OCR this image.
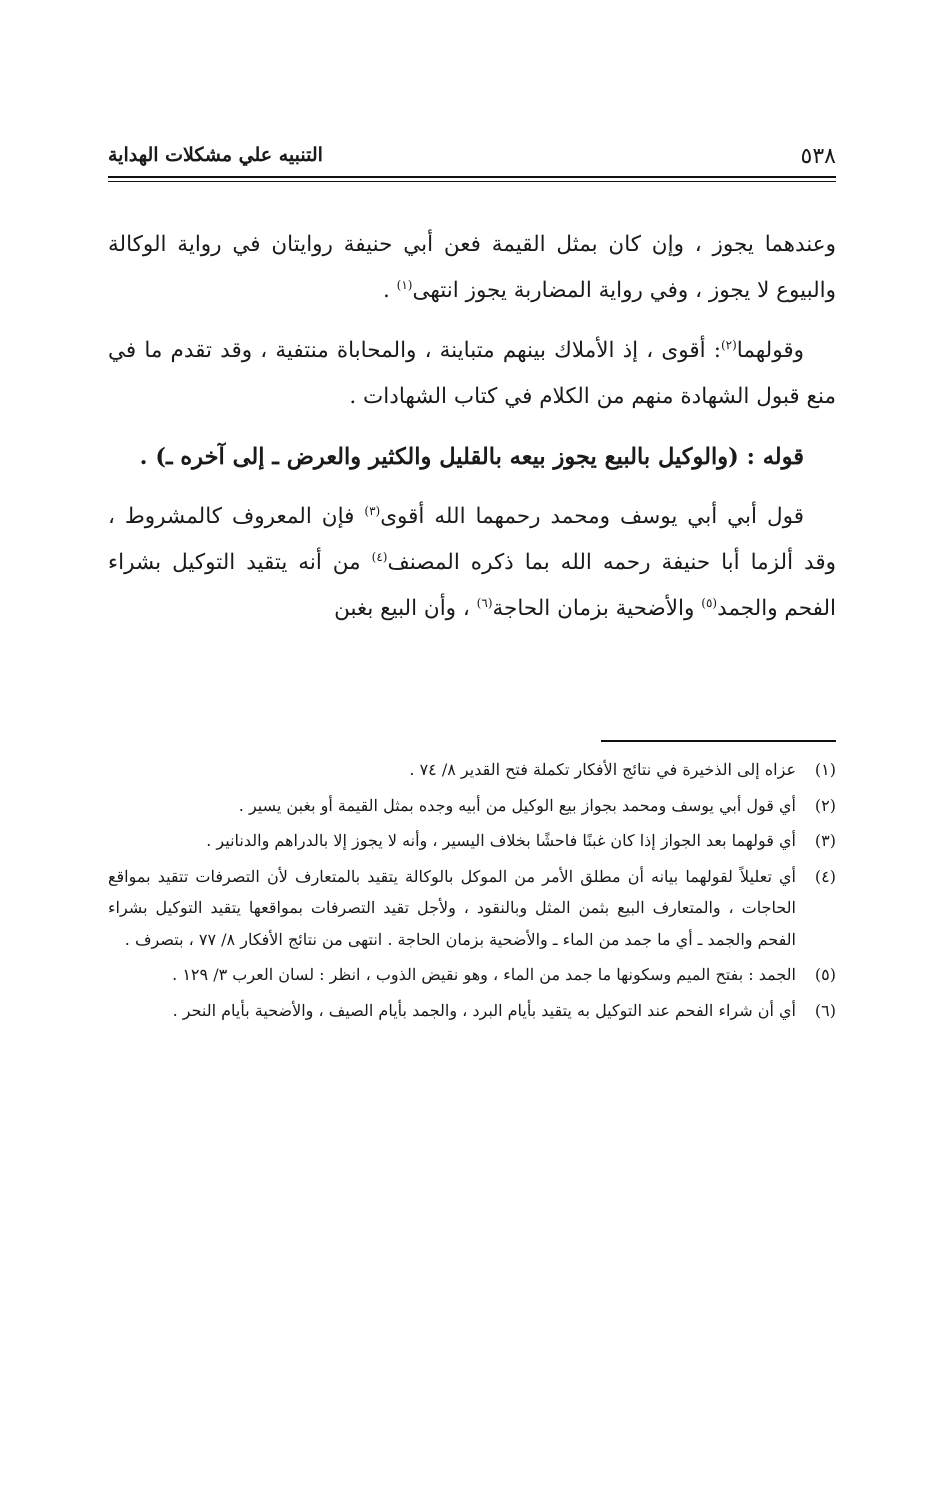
٥٣٨
التنبيه علي مشكلات الهداية

وعندهما يجوز ، وإن كان بمثل القيمة فعن أبي حنيفة روايتان في رواية الوكالة والبيوع لا يجوز ، وفي رواية المضاربة يجوز انتهى$^{(١)}$ .

وقولهما$^{(٢)}$: أقوى ، إذ الأملاك بينهم متباينة ، والمحاباة منتفية ، وقد تقدم ما في منع قبول الشهادة منهم من الكلام في كتاب الشهادات .

قوله : (والوكيل بالبيع يجوز بيعه بالقليل والكثير والعرض ـ إلى آخره ـ) .

قول أبي أبي يوسف ومحمد رحمهما الله أقوى$^{(٣)}$ فإن المعروف كالمشروط ، وقد ألزما أبا حنيفة رحمه الله بما ذكره المصنف$^{(٤)}$ من أنه يتقيد التوكيل بشراء الفحم والجمد$^{(٥)}$ والأضحية بزمان الحاجة$^{(٦)}$ ، وأن البيع بغبن

(١)
عزاه إلى الذخيرة في نتائج الأفكار تكملة فتح القدير ٨/ ٧٤ .
(٢)
أي قول أبي يوسف ومحمد بجواز بيع الوكيل من أبيه وجده بمثل القيمة أو بغبن يسير .
(٣)
أي قولهما بعد الجواز إذا كان غبنًا فاحشًا بخلاف اليسير ، وأنه لا يجوز إلا بالدراهم والدنانير .
(٤)
أي تعليلاً لقولهما بيانه أن مطلق الأمر من الموكل بالوكالة يتقيد بالمتعارف لأن التصرفات تتقيد بمواقع الحاجات ، والمتعارف البيع بثمن المثل وبالنقود ، ولأجل تقيد التصرفات بمواقعها يتقيد التوكيل بشراء الفحم والجمد ـ أي ما جمد من الماء ـ والأضحية بزمان الحاجة . انتهى من نتائج الأفكار ٨/ ٧٧ ، بتصرف .
(٥)
الجمد : بفتح الميم وسكونها ما جمد من الماء ، وهو نقيض الذوب ، انظر : لسان العرب ٣/ ١٢٩ .
(٦)
أي أن شراء الفحم عند التوكيل به يتقيد بأيام البرد ، والجمد بأيام الصيف ، والأضحية بأيام النحر .
